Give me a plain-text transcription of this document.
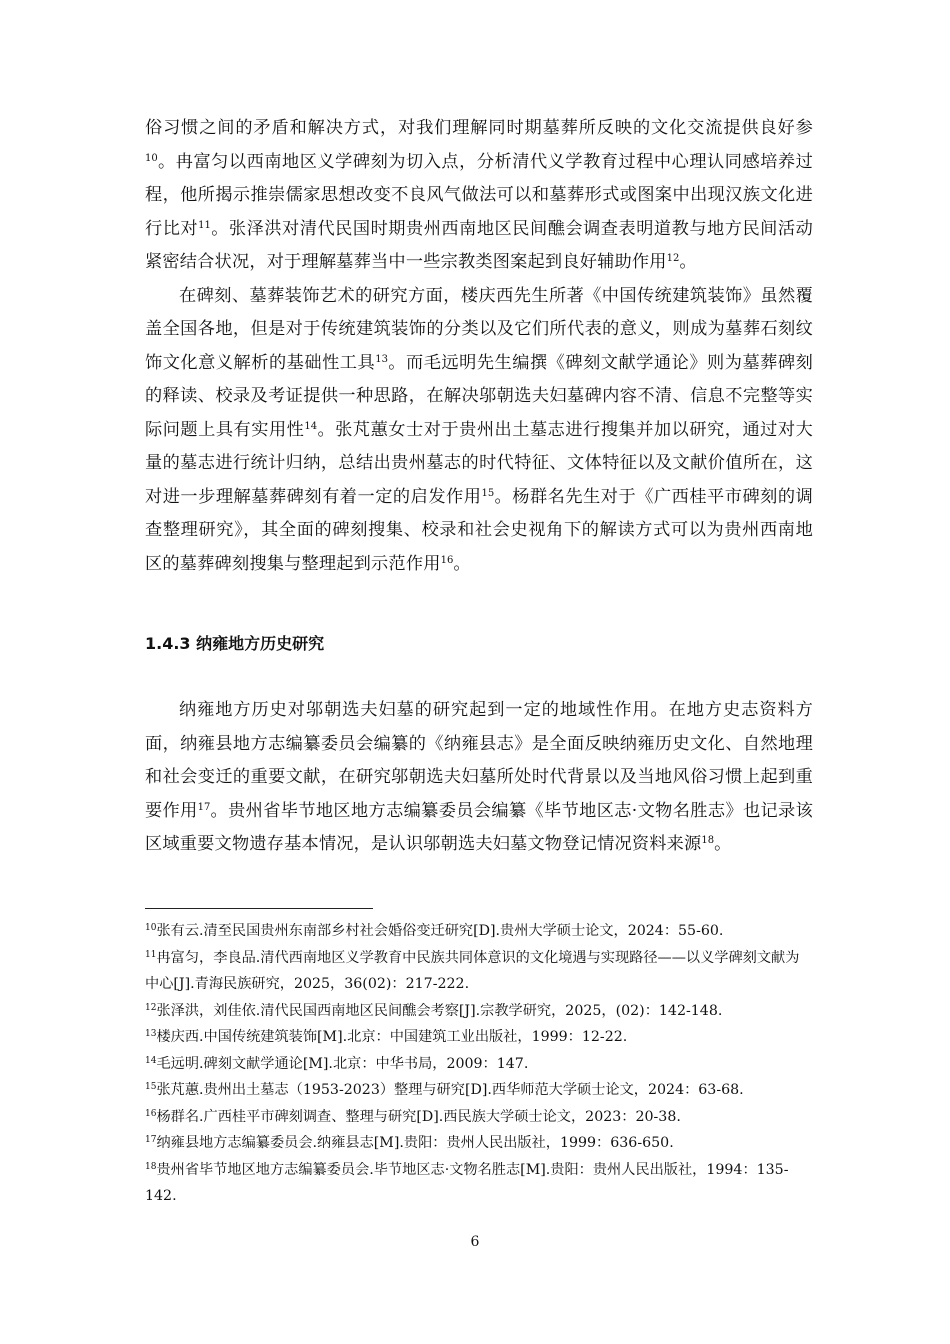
俗习惯之间的矛盾和解决方式，对我们理解同时期墓葬所反映的文化交流提供良好参$^{10}$。冉富匀以西南地区义学碑刻为切入点，分析清代义学教育过程中心理认同感培养过程，他所揭示推崇儒家思想改变不良风气做法可以和墓葬形式或图案中出现汉族文化进行比对$^{11}$。张泽洪对清代民国时期贵州西南地区民间醮会调查表明道教与地方民间活动紧密结合状况，对于理解墓葬当中一些宗教类图案起到良好辅助作用$^{12}$。

在碑刻、墓葬装饰艺术的研究方面，楼庆西先生所著《中国传统建筑装饰》虽然覆盖全国各地，但是对于传统建筑装饰的分类以及它们所代表的意义，则成为墓葬石刻纹饰文化意义解析的基础性工具$^{13}$。而毛远明先生编撰《碑刻文献学通论》则为墓葬碑刻的释读、校录及考证提供一种思路，在解决邬朝选夫妇墓碑内容不清、信息不完整等实际问题上具有实用性$^{14}$。张芃蕙女士对于贵州出土墓志进行搜集并加以研究，通过对大量的墓志进行统计归纳，总结出贵州墓志的时代特征、文体特征以及文献价值所在，这对进一步理解墓葬碑刻有着一定的启发作用$^{15}$。杨群名先生对于《广西桂平市碑刻的调查整理研究》，其全面的碑刻搜集、校录和社会史视角下的解读方式可以为贵州西南地区的墓葬碑刻搜集与整理起到示范作用$^{16}$。

1.4.3 纳雍地方历史研究

纳雍地方历史对邬朝选夫妇墓的研究起到一定的地域性作用。在地方史志资料方面，纳雍县地方志编纂委员会编纂的《纳雍县志》是全面反映纳雍历史文化、自然地理和社会变迁的重要文献，在研究邬朝选夫妇墓所处时代背景以及当地风俗习惯上起到重要作用$^{17}$。贵州省毕节地区地方志编纂委员会编纂《毕节地区志·文物名胜志》也记录该区域重要文物遗存基本情况，是认识邬朝选夫妇墓文物登记情况资料来源$^{18}$。

$^{10}$张有云.清至民国贵州东南部乡村社会婚俗变迁研究[D].贵州大学硕士论文，2024：55-60.

$^{11}$冉富匀，李良品.清代西南地区义学教育中民族共同体意识的文化境遇与实现路径——以义学碑刻文献为中心[J].青海民族研究，2025，36(02)：217-222.

$^{12}$张泽洪，刘佳依.清代民国西南地区民间醮会考察[J].宗教学研究，2025，(02)：142-148.

$^{13}$楼庆西.中国传统建筑装饰[M].北京：中国建筑工业出版社，1999：12-22.

$^{14}$毛远明.碑刻文献学通论[M].北京：中华书局，2009：147.

$^{15}$张芃蕙.贵州出土墓志（1953-2023）整理与研究[D].西华师范大学硕士论文，2024：63-68.

$^{16}$杨群名.广西桂平市碑刻调查、整理与研究[D].西民族大学硕士论文，2023：20-38.

$^{17}$纳雍县地方志编纂委员会.纳雍县志[M].贵阳：贵州人民出版社，1999：636-650.

$^{18}$贵州省毕节地区地方志编纂委员会.毕节地区志·文物名胜志[M].贵阳：贵州人民出版社，1994：135-142.

6
